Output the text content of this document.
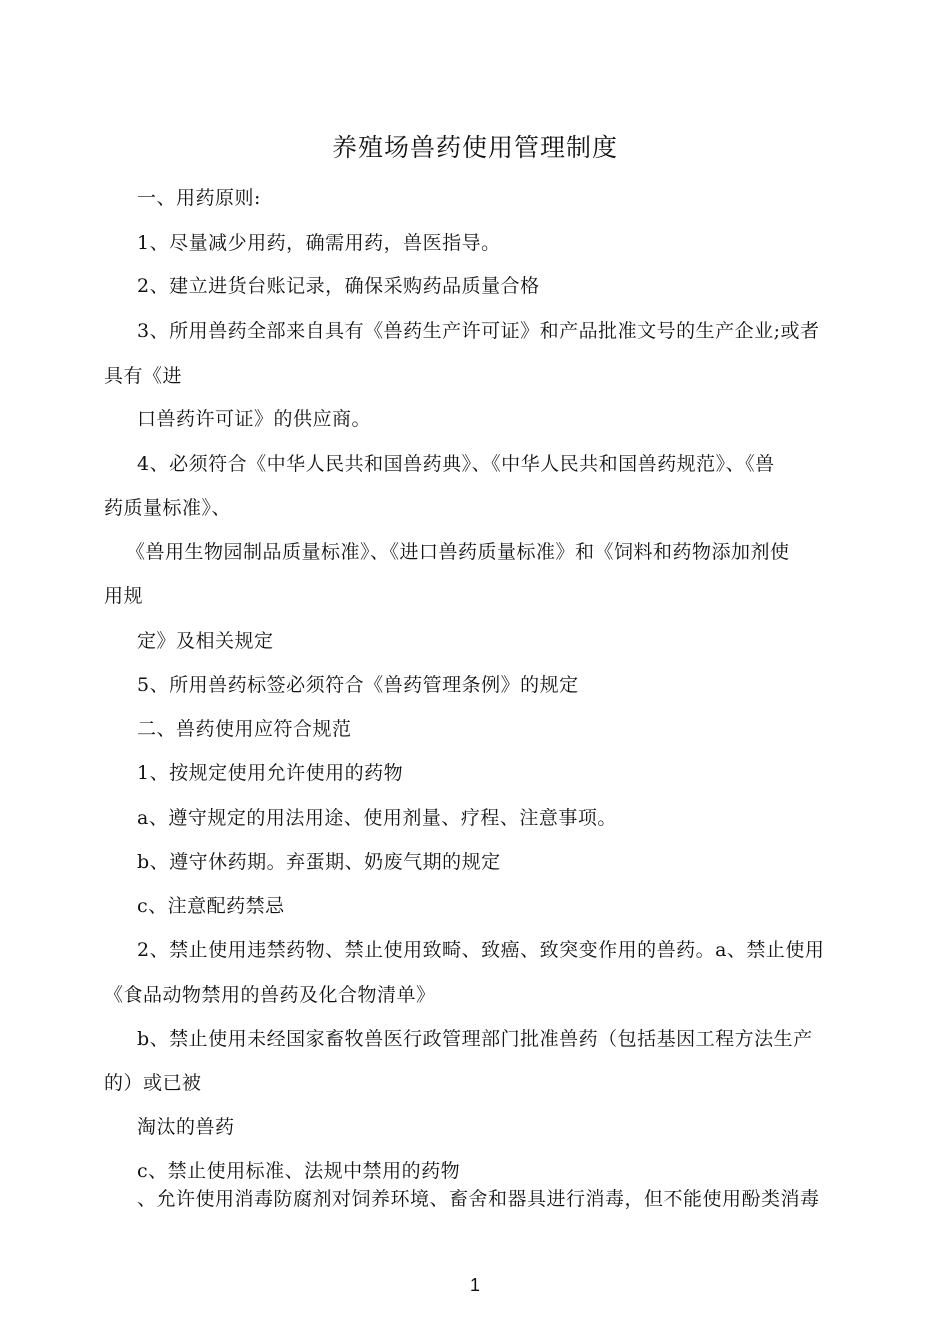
养殖场兽药使用管理制度
一、用药原则:
1、尽量减少用药，确需用药，兽医指导。
2、建立进货台账记录，确保采购药品质量合格
3、所用兽药全部来自具有《兽药生产许可证》和产品批准文号的生产企业;或者
具有《进
口兽药许可证》的供应商。
4、必须符合《中华人民共和国兽药典》、《中华人民共和国兽药规范》、《兽
药质量标准》、
《兽用生物园制品质量标准》、《进口兽药质量标准》和《饲料和药物添加剂使
用规
定》及相关规定
5、所用兽药标签必须符合《兽药管理条例》的规定
二、兽药使用应符合规范
1、按规定使用允许使用的药物
a、遵守规定的用法用途、使用剂量、疗程、注意事项。
b、遵守休药期。弃蛋期、奶废气期的规定
c、注意配药禁忌
2、禁止使用违禁药物、禁止使用致畸、致癌、致突变作用的兽药。a、禁止使用
《食品动物禁用的兽药及化合物清单》
b、禁止使用未经国家畜牧兽医行政管理部门批准兽药（包括基因工程方法生产
的）或已被
淘汰的兽药
c、禁止使用标准、法规中禁用的药物
、允许使用消毒防腐剂对饲养环境、畜舍和器具进行消毒，但不能使用酚类消毒
1
